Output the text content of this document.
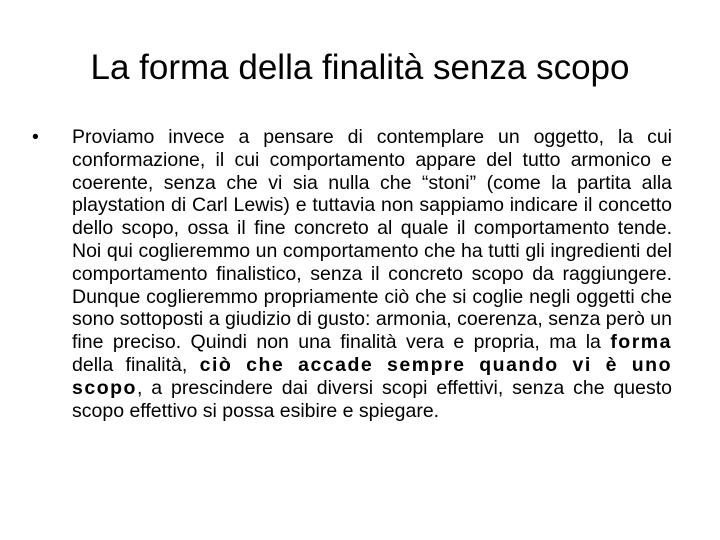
La forma della finalità senza scopo
•	Proviamo invece a pensare di contemplare un oggetto, la cui conformazione, il cui comportamento appare del tutto armonico e coerente, senza che vi sia nulla che “stoni” (come la partita alla playstation di Carl Lewis) e tuttavia non sappiamo indicare il concetto dello scopo, ossa il fine concreto al quale il comportamento tende. Noi qui coglieremmo un comportamento che ha tutti gli ingredienti del comportamento finalistico, senza il concreto scopo da raggiungere. Dunque coglieremmo propriamente ciò che si coglie negli oggetti che sono sottoposti a giudizio di gusto: armonia, coerenza, senza però un fine preciso. Quindi non una finalità vera e propria, ma la forma della finalità, ciò che accade sempre quando vi è uno scopo, a prescindere dai diversi scopi effettivi, senza che questo scopo effettivo si possa esibire e spiegare.
